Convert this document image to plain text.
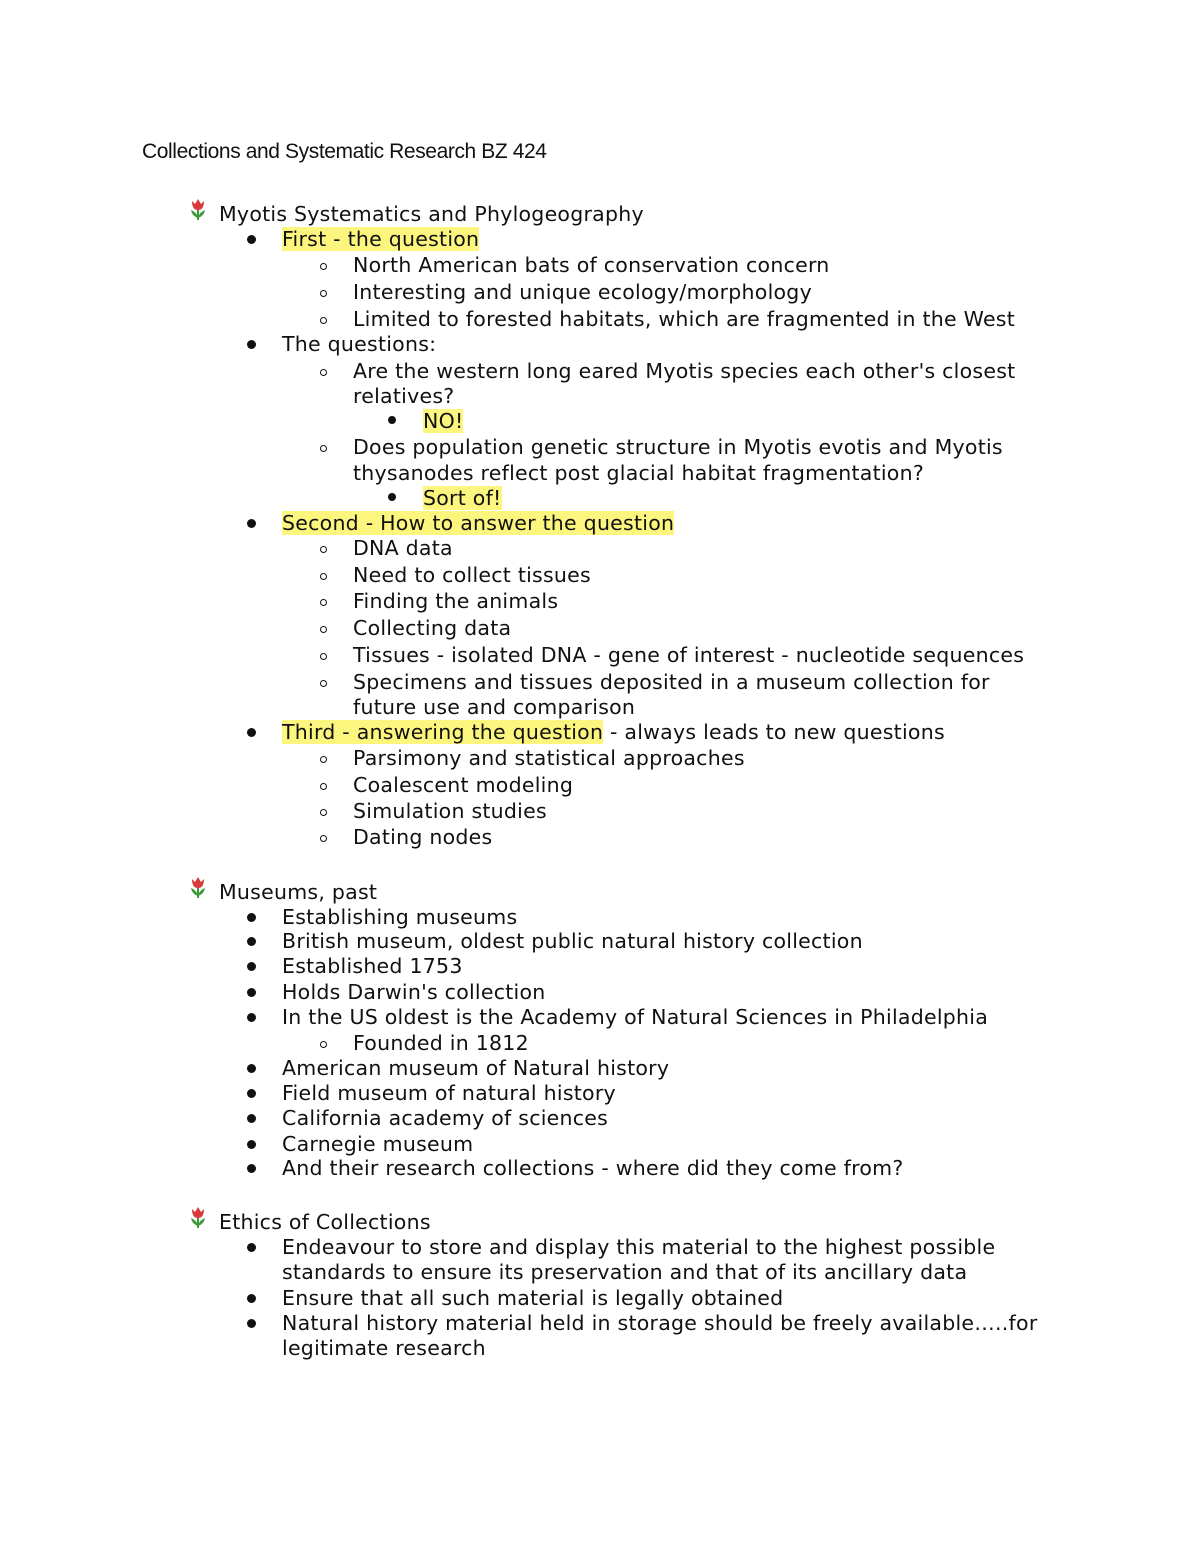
Collections and Systematic Research BZ 424
Myotis Systematics and Phylogeography
First - the question
North American bats of conservation concern
Interesting and unique ecology/morphology
Limited to forested habitats, which are fragmented in the West
The questions:
Are the western long eared Myotis species each other's closest
relatives?
NO!
Does population genetic structure in Myotis evotis and Myotis
thysanodes reflect post glacial habitat fragmentation?
Sort of!
Second - How to answer the question
DNA data
Need to collect tissues
Finding the animals
Collecting data
Tissues - isolated DNA - gene of interest - nucleotide sequences
Specimens and tissues deposited in a museum collection for
future use and comparison
Third - answering the question - always leads to new questions
Parsimony and statistical approaches
Coalescent modeling
Simulation studies
Dating nodes
Museums, past
Establishing museums
British museum, oldest public natural history collection
Established 1753
Holds Darwin's collection
In the US oldest is the Academy of Natural Sciences in Philadelphia
Founded in 1812
American museum of Natural history
Field museum of natural history
California academy of sciences
Carnegie museum
And their research collections - where did they come from?
Ethics of Collections
Endeavour to store and display this material to the highest possible
standards to ensure its preservation and that of its ancillary data
Ensure that all such material is legally obtained
Natural history material held in storage should be freely available…..for
legitimate research
